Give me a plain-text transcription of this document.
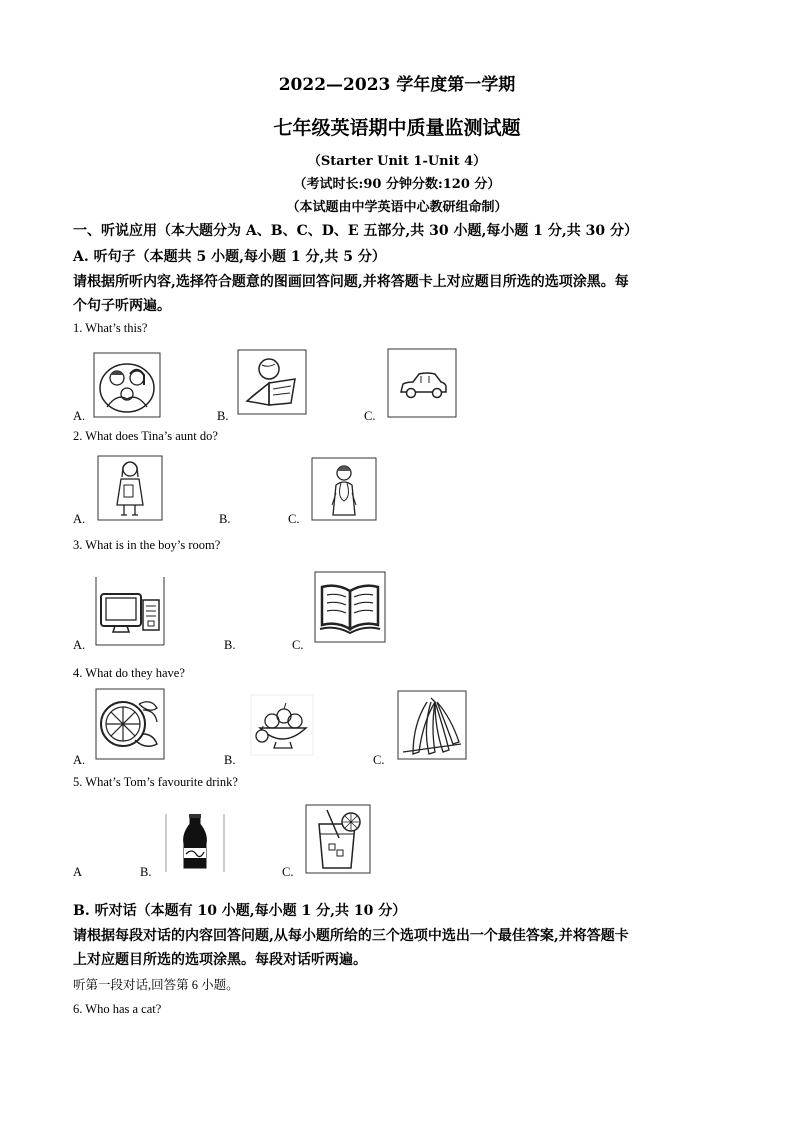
2022—2023 学年度第一学期
七年级英语期中质量监测试题
（Starter Unit 1-Unit 4）
（考试时长:90 分钟分数:120 分）
（本试题由中学英语中心教研组命制）
一、听说应用（本大题分为 A、B、C、D、E 五部分,共 30 小题,每小题 1 分,共 30 分）
A. 听句子（本题共 5 小题,每小题 1 分,共 5 分）
请根据所听内容,选择符合题意的图画回答问题,并将答题卡上对应题目所选的选项涂黑。每
个句子听两遍。
1. What’s this?
A.	B.	C.
2. What does Tina’s aunt do?
A.	B.	C.
3. What is in the boy’s room?
A.	B.	C.
4. What do they have?
A.	B.	C.
5. What’s Tom’s favourite drink?
A	B.	C.
B. 听对话（本题有 10 小题,每小题 1 分,共 10 分）
请根据每段对话的内容回答问题,从每小题所给的三个选项中选出一个最佳答案,并将答题卡
上对应题目所选的选项涂黑。每段对话听两遍。
听第一段对话,回答第 6 小题。
6. Who has a cat?
